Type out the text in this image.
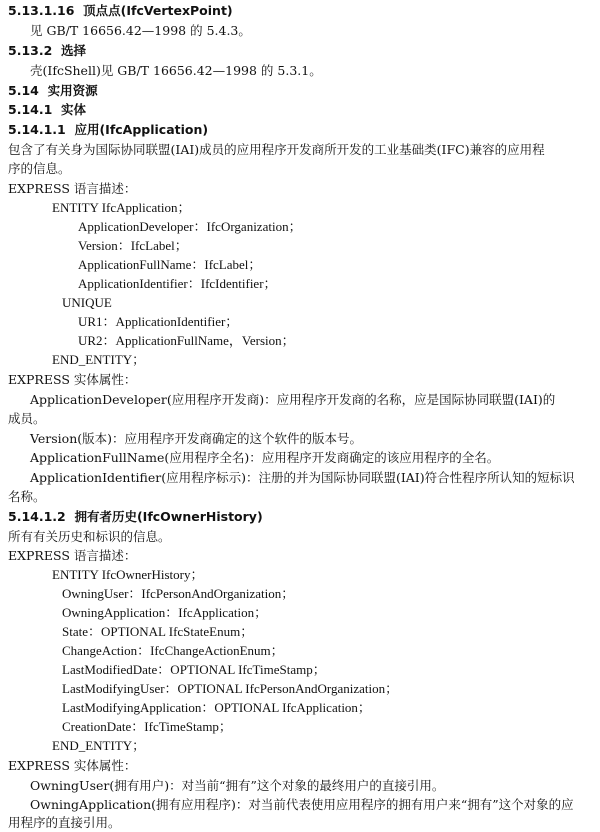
5.13.1.16 顶点点(IfcVertexPoint)
见 GB/T 16656.42—1998 的 5.4.3。
5.13.2 选择
壳(IfcShell)见 GB/T 16656.42—1998 的 5.3.1。
5.14 实用资源
5.14.1 实体
5.14.1.1 应用(IfcApplication)
包含了有关身为国际协同联盟(IAI)成员的应用程序开发商所开发的工业基础类(IFC)兼容的应用程
序的信息。
EXPRESS 语言描述：
ENTITY IfcApplication；
ApplicationDeveloper：IfcOrganization；
Version：IfcLabel；
ApplicationFullName：IfcLabel；
ApplicationIdentifier：IfcIdentifier；
UNIQUE
UR1：ApplicationIdentifier；
UR2：ApplicationFullName，Version；
END_ENTITY；
EXPRESS 实体属性：
ApplicationDeveloper(应用程序开发商)：应用程序开发商的名称，应是国际协同联盟(IAI)的
成员。
Version(版本)：应用程序开发商确定的这个软件的版本号。
ApplicationFullName(应用程序全名)：应用程序开发商确定的该应用程序的全名。
ApplicationIdentifier(应用程序标示)：注册的并为国际协同联盟(IAI)符合性程序所认知的短标识
名称。
5.14.1.2 拥有者历史(IfcOwnerHistory)
所有有关历史和标识的信息。
EXPRESS 语言描述：
ENTITY IfcOwnerHistory；
OwningUser：IfcPersonAndOrganization；
OwningApplication：IfcApplication；
State：OPTIONAL IfcStateEnum；
ChangeAction：IfcChangeActionEnum；
LastModifiedDate：OPTIONAL IfcTimeStamp；
LastModifyingUser：OPTIONAL IfcPersonAndOrganization；
LastModifyingApplication：OPTIONAL IfcApplication；
CreationDate：IfcTimeStamp；
END_ENTITY；
EXPRESS 实体属性：
OwningUser(拥有用户)：对当前“拥有”这个对象的最终用户的直接引用。
OwningApplication(拥有应用程序)：对当前代表使用应用程序的拥有用户来“拥有”这个对象的应
用程序的直接引用。
